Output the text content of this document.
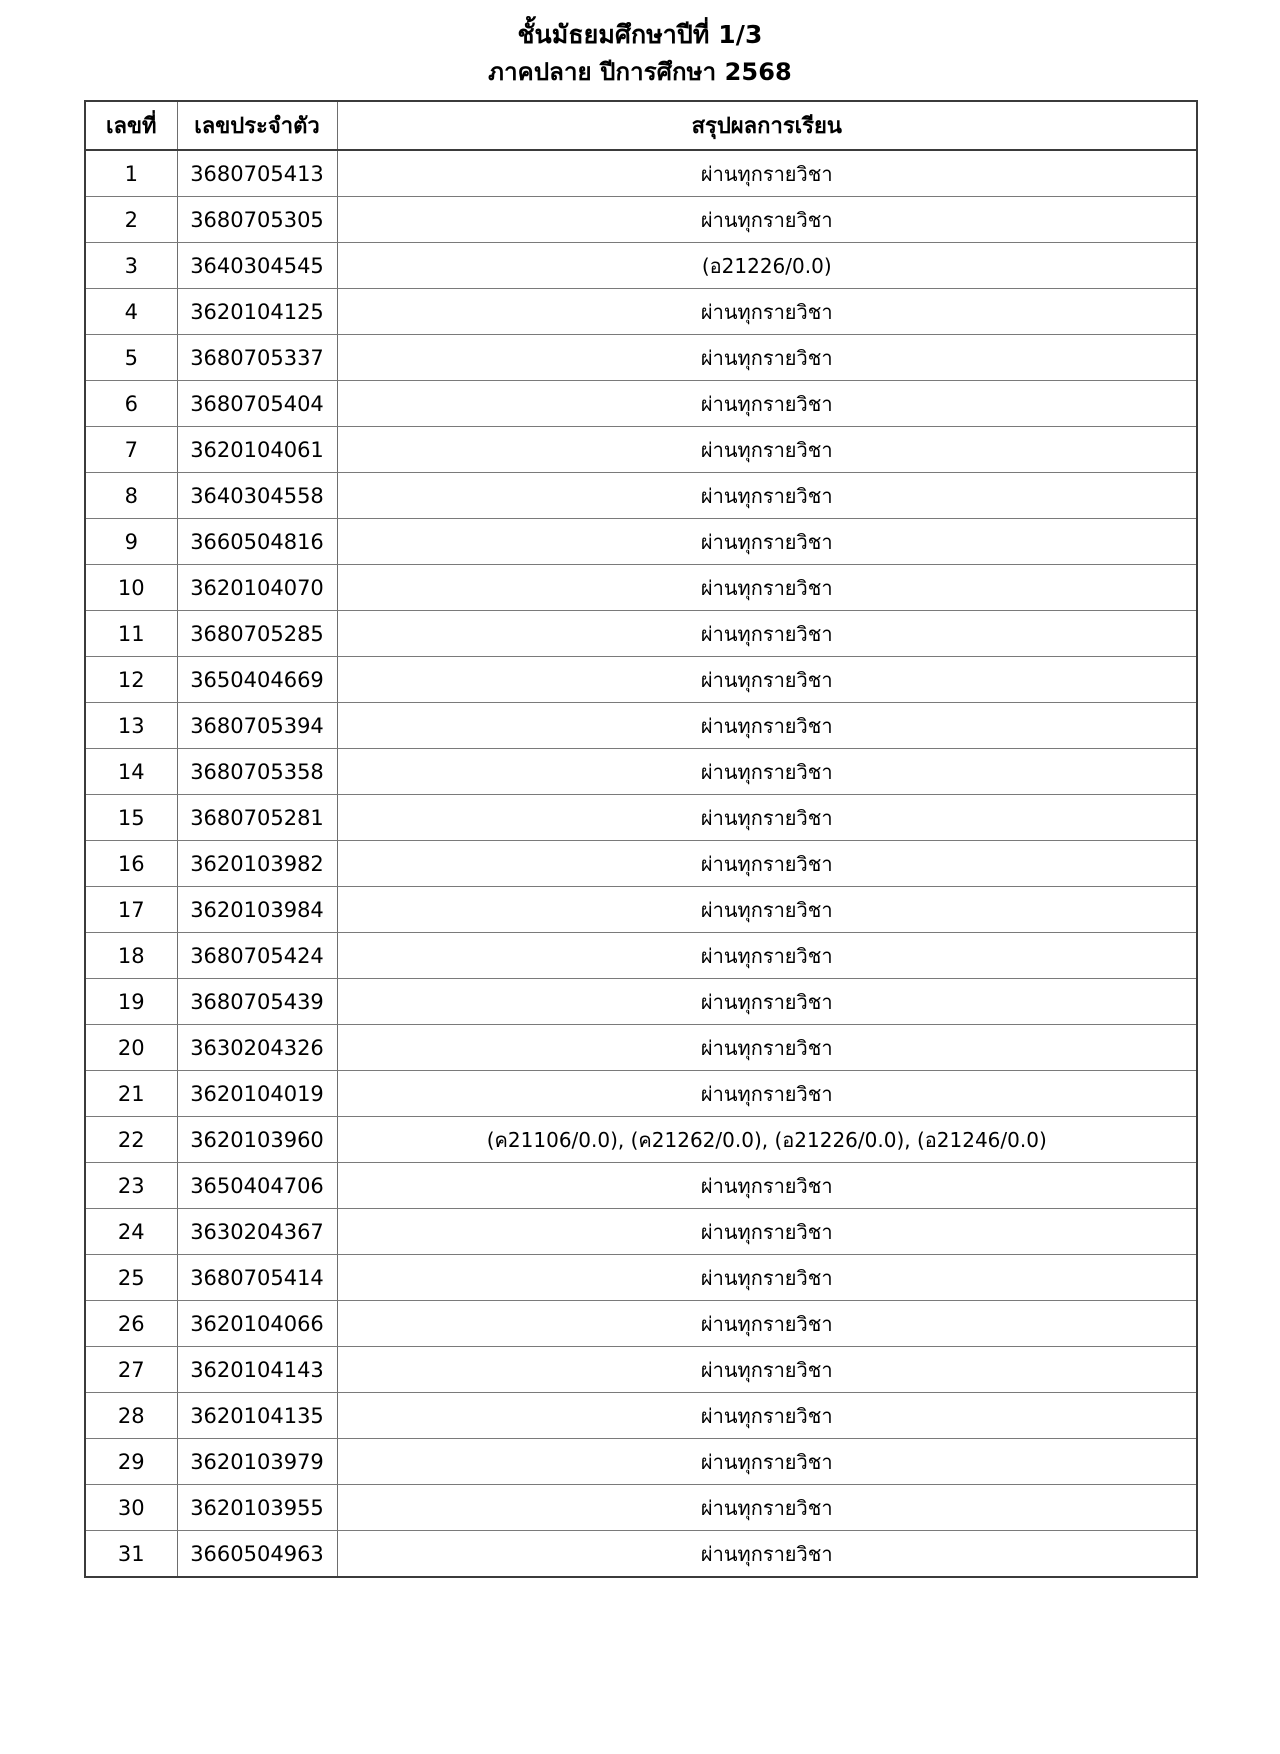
ชั้นมัธยมศึกษาปีที่ 1/3
ภาคปลาย ปีการศึกษา 2568
เลขที่	เลขประจำตัว	สรุปผลการเรียน
1	3680705413	ผ่านทุกรายวิชา
2	3680705305	ผ่านทุกรายวิชา
3	3640304545	(อ21226/0.0)
4	3620104125	ผ่านทุกรายวิชา
5	3680705337	ผ่านทุกรายวิชา
6	3680705404	ผ่านทุกรายวิชา
7	3620104061	ผ่านทุกรายวิชา
8	3640304558	ผ่านทุกรายวิชา
9	3660504816	ผ่านทุกรายวิชา
10	3620104070	ผ่านทุกรายวิชา
11	3680705285	ผ่านทุกรายวิชา
12	3650404669	ผ่านทุกรายวิชา
13	3680705394	ผ่านทุกรายวิชา
14	3680705358	ผ่านทุกรายวิชา
15	3680705281	ผ่านทุกรายวิชา
16	3620103982	ผ่านทุกรายวิชา
17	3620103984	ผ่านทุกรายวิชา
18	3680705424	ผ่านทุกรายวิชา
19	3680705439	ผ่านทุกรายวิชา
20	3630204326	ผ่านทุกรายวิชา
21	3620104019	ผ่านทุกรายวิชา
22	3620103960	(ค21106/0.0), (ค21262/0.0), (อ21226/0.0), (อ21246/0.0)
23	3650404706	ผ่านทุกรายวิชา
24	3630204367	ผ่านทุกรายวิชา
25	3680705414	ผ่านทุกรายวิชา
26	3620104066	ผ่านทุกรายวิชา
27	3620104143	ผ่านทุกรายวิชา
28	3620104135	ผ่านทุกรายวิชา
29	3620103979	ผ่านทุกรายวิชา
30	3620103955	ผ่านทุกรายวิชา
31	3660504963	ผ่านทุกรายวิชา
